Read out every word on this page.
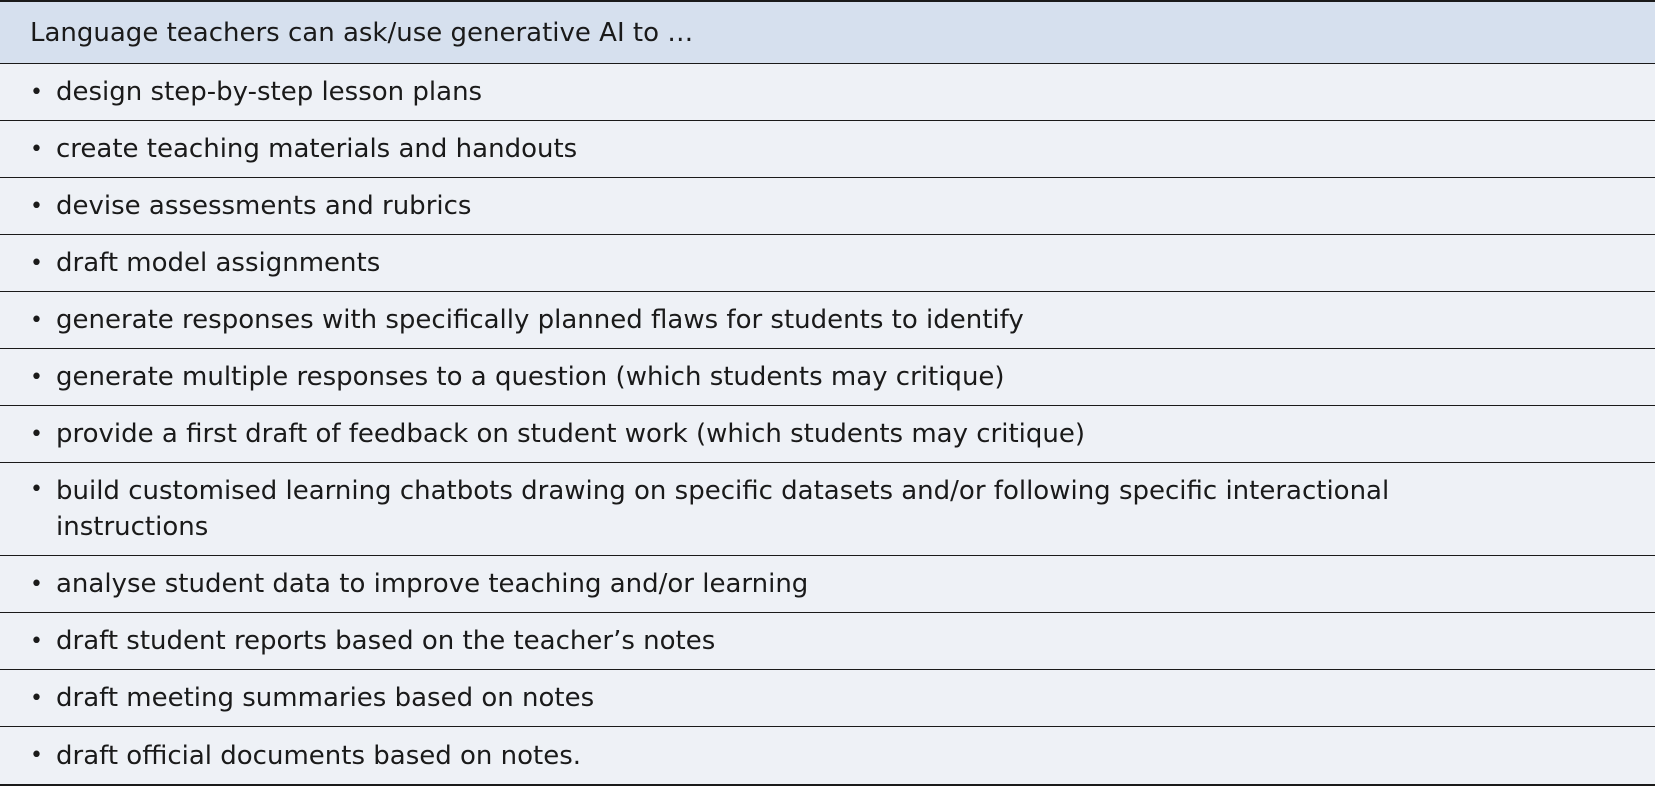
Language teachers can ask/use generative AI to …
• design step-by-step lesson plans
• create teaching materials and handouts
• devise assessments and rubrics
• draft model assignments
• generate responses with specifically planned flaws for students to identify
• generate multiple responses to a question (which students may critique)
• provide a first draft of feedback on student work (which students may critique)
• build customised learning chatbots drawing on specific datasets and/or following specific interactional instructions
• analyse student data to improve teaching and/or learning
• draft student reports based on the teacher’s notes
• draft meeting summaries based on notes
• draft official documents based on notes.
